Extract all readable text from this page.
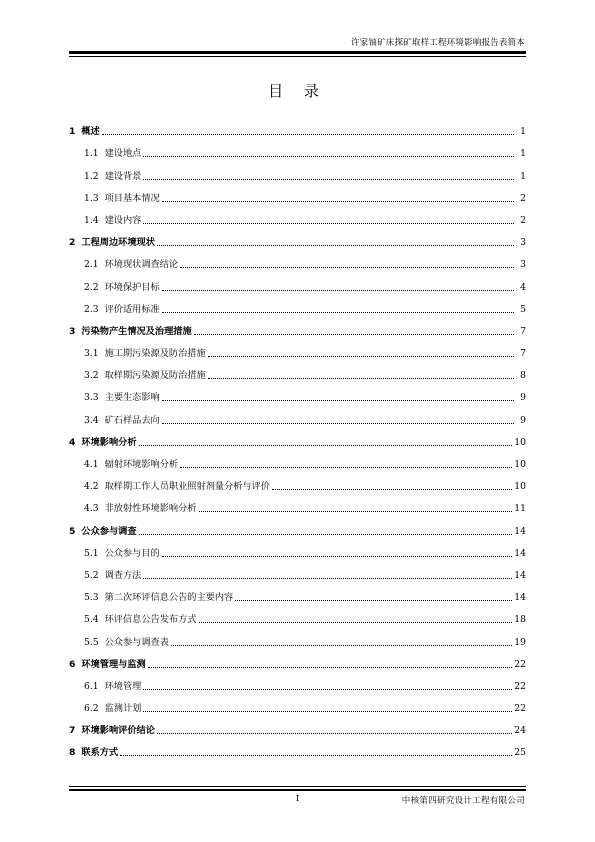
许家铀矿床探矿取样工程环境影响报告表简本
目 录
1 概述	1
1.1 建设地点	1
1.2 建设背景	1
1.3 项目基本情况	2
1.4 建设内容	2
2 工程周边环境现状	3
2.1 环境现状调查结论	3
2.2 环境保护目标	4
2.3 评价适用标准	5
3 污染物产生情况及治理措施	7
3.1 施工期污染源及防治措施	7
3.2 取样期污染源及防治措施	8
3.3 主要生态影响	9
3.4 矿石样品去向	9
4 环境影响分析	10
4.1 辐射环境影响分析	10
4.2 取样期工作人员职业照射剂量分析与评价	10
4.3 非放射性环境影响分析	11
5 公众参与调查	14
5.1 公众参与目的	14
5.2 调查方法	14
5.3 第二次环评信息公告的主要内容	14
5.4 环评信息公告发布方式	18
5.5 公众参与调查表	19
6 环境管理与监测	22
6.1 环境管理	22
6.2 监测计划	22
7 环境影响评价结论	24
8 联系方式	25
I	中核第四研究设计工程有限公司
